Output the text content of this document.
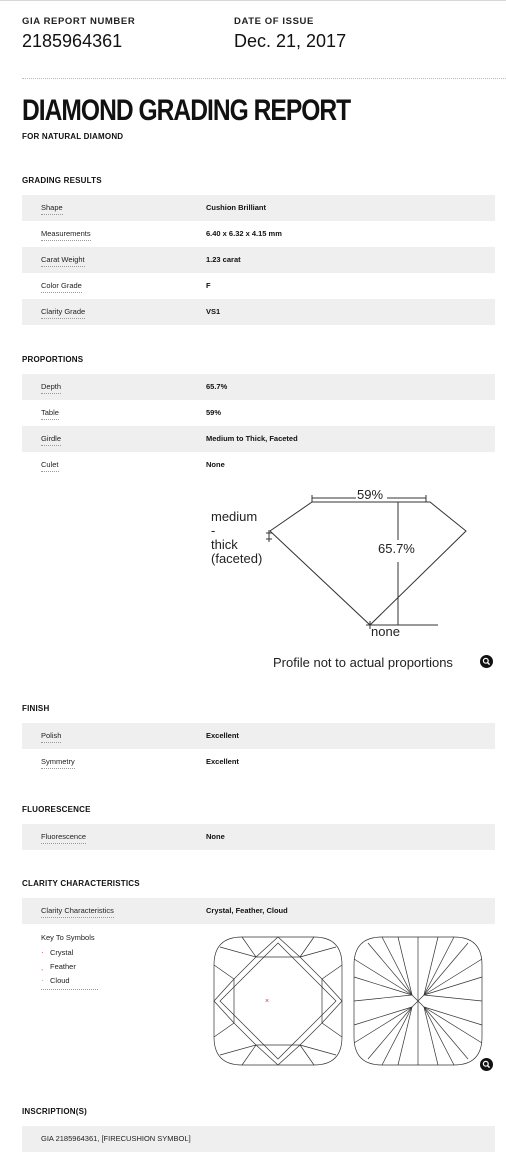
GIA REPORT NUMBER
2185964361
DATE OF ISSUE
Dec. 21, 2017
DIAMOND GRADING REPORT
FOR NATURAL DIAMOND
GRADING RESULTS
Shape	Cushion Brilliant
Measurements	6.40 x 6.32 x 4.15 mm
Carat Weight	1.23 carat
Color Grade	F
Clarity Grade	VS1
PROPORTIONS
Depth	65.7%
Table	59%
Girdle	Medium to Thick, Faceted
Culet	None
59%
65.7%
medium
-
thick
(faceted)
none
Profile not to actual proportions
FINISH
Polish	Excellent
Symmetry	Excellent
FLUORESCENCE
Fluorescence	None
CLARITY CHARACTERISTICS
Clarity Characteristics	Crystal, Feather, Cloud
Key To Symbols
· Crystal
ˎ Feather
· Cloud
×
INSCRIPTION(S)
GIA 2185964361, [FIRECUSHION SYMBOL]
